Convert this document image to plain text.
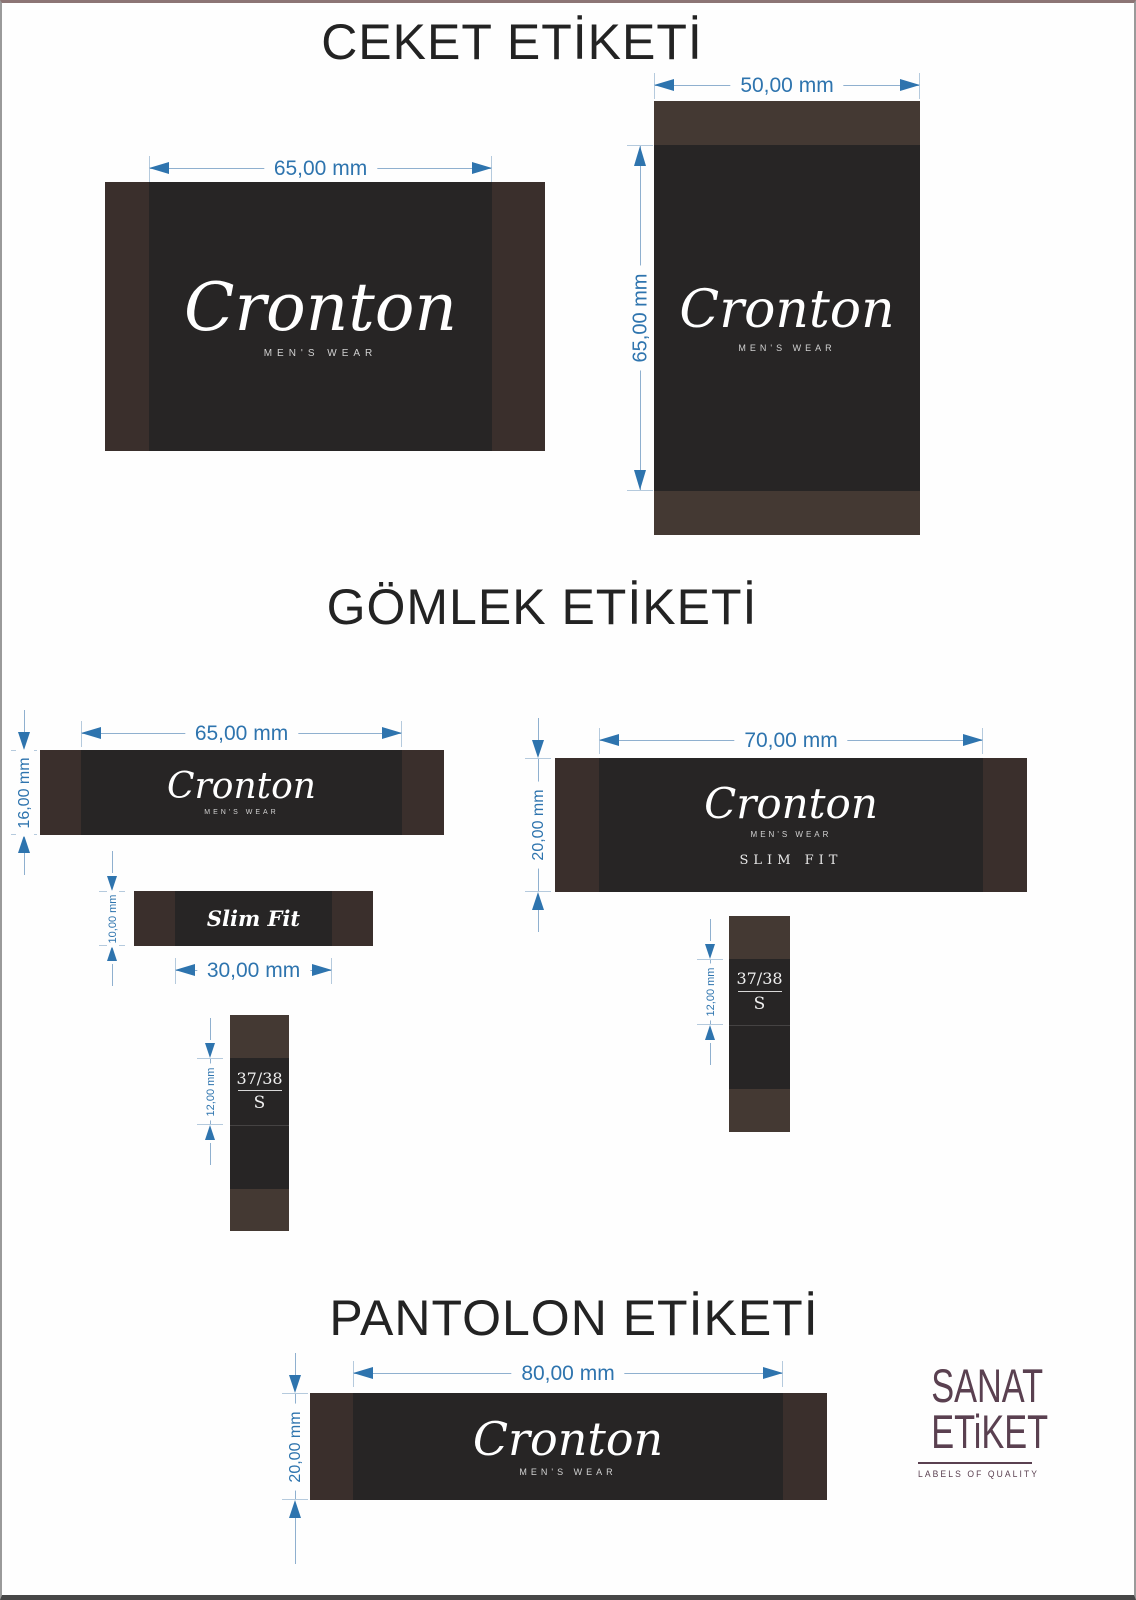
CEKET ETİKETİ
65,00 mm
Cronton
MEN'S WEAR
50,00 mm
Cronton
MEN'S WEAR
65,00 mm
GÖMLEK ETİKETİ
65,00 mm
Cronton
MEN'S WEAR
16,00 mm
Slim Fit
10,00 mm
30,00 mm
37/38
S
12,00 mm
70,00 mm
Cronton
MEN'S WEAR
SLIM FIT
20,00 mm
37/38
S
12,00 mm
PANTOLON ETİKETİ
80,00 mm
Cronton
MEN'S WEAR
20,00 mm
SANAT
ETiKET
LABELS OF QUALITY
